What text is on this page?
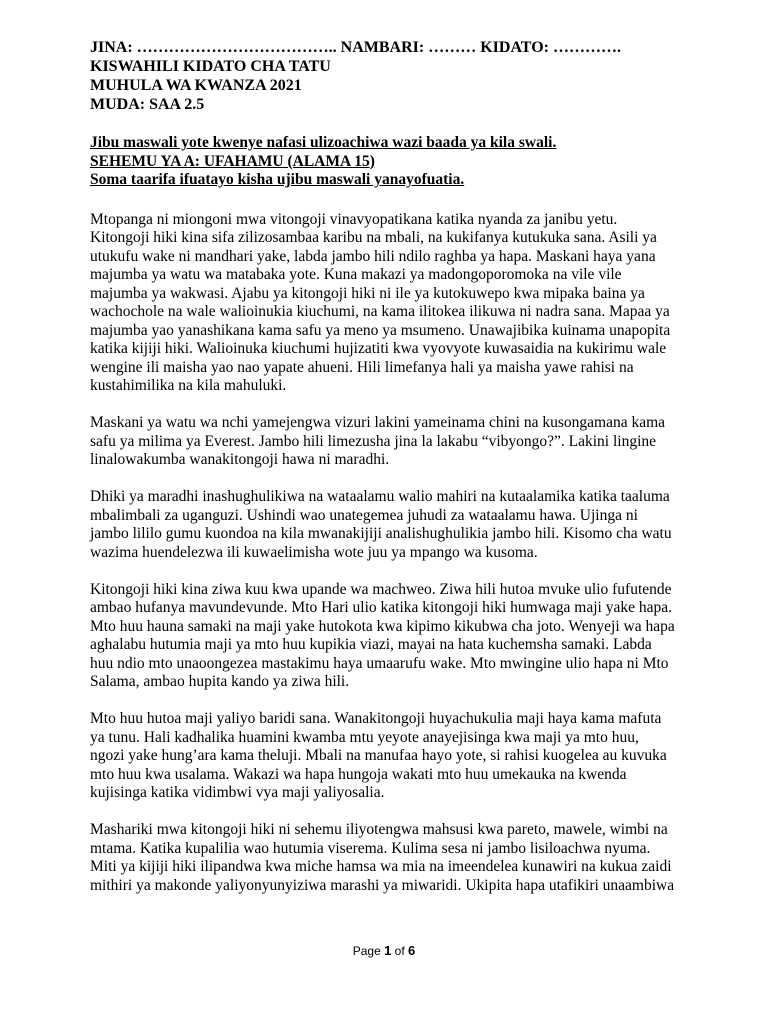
JINA: ……………………………….. NAMBARI: ……… KIDATO: ………….
KISWAHILI KIDATO CHA TATU
MUHULA WA KWANZA 2021
MUDA: SAA 2.5
Jibu maswali yote kwenye nafasi ulizoachiwa wazi baada ya kila swali.
SEHEMU YA A: UFAHAMU (ALAMA 15)
Soma taarifa ifuatayo kisha ujibu maswali yanayofuatia.

Mtopanga ni miongoni mwa vitongoji vinavyopatikana katika nyanda za janibu yetu.
Kitongoji hiki kina sifa zilizosambaa karibu na mbali, na kukifanya kutukuka sana. Asili ya
utukufu wake ni mandhari yake, labda jambo hili ndilo raghba ya hapa. Maskani haya yana
majumba ya watu wa matabaka yote. Kuna makazi ya madongoporomoka na vile vile
majumba ya wakwasi. Ajabu ya kitongoji hiki ni ile ya kutokuwepo kwa mipaka baina ya
wachochole na wale walioinukia kiuchumi, na kama ilitokea ilikuwa ni nadra sana. Mapaa ya
majumba yao yanashikana kama safu ya meno ya msumeno. Unawajibika kuinama unapopita
katika kijiji hiki. Walioinuka kiuchumi hujizatiti kwa vyovyote kuwasaidia na kukirimu wale
wengine ili maisha yao nao yapate ahueni. Hili limefanya hali ya maisha yawe rahisi na
kustahimilika na kila mahuluki.

Maskani ya watu wa nchi yamejengwa vizuri lakini yameinama chini na kusongamana kama
safu ya milima ya Everest. Jambo hili limezusha jina la lakabu “vibyongo?”. Lakini lingine
linalowakumba wanakitongoji hawa ni maradhi.

Dhiki ya maradhi inashughulikiwa na wataalamu walio mahiri na kutaalamika katika taaluma
mbalimbali za uganguzi. Ushindi wao unategemea juhudi za wataalamu hawa. Ujinga ni
jambo lililo gumu kuondoa na kila mwanakijiji analishughulikia jambo hili. Kisomo cha watu
wazima huendelezwa ili kuwaelimisha wote juu ya mpango wa kusoma.

Kitongoji hiki kina ziwa kuu kwa upande wa machweo. Ziwa hili hutoa mvuke ulio fufutende
ambao hufanya mavundevunde. Mto Hari ulio katika kitongoji hiki humwaga maji yake hapa.
Mto huu hauna samaki na maji yake hutokota kwa kipimo kikubwa cha joto. Wenyeji wa hapa
aghalabu hutumia maji ya mto huu kupikia viazi, mayai na hata kuchemsha samaki. Labda
huu ndio mto unaoongezea mastakimu haya umaarufu wake. Mto mwingine ulio hapa ni Mto
Salama, ambao hupita kando ya ziwa hili.

Mto huu hutoa maji yaliyo baridi sana. Wanakitongoji huyachukulia maji haya kama mafuta
ya tunu. Hali kadhalika huamini kwamba mtu yeyote anayejisinga kwa maji ya mto huu,
ngozi yake hung’ara kama theluji. Mbali na manufaa hayo yote, si rahisi kuogelea au kuvuka
mto huu kwa usalama. Wakazi wa hapa hungoja wakati mto huu umekauka na kwenda
kujisinga katika vidimbwi vya maji yaliyosalia.

Mashariki mwa kitongoji hiki ni sehemu iliyotengwa mahsusi kwa pareto, mawele, wimbi na
mtama. Katika kupalilia wao hutumia viserema. Kulima sesa ni jambo lisiloachwa nyuma.
Miti ya kijiji hiki ilipandwa kwa miche hamsa wa mia na imeendelea kunawiri na kukua zaidi
mithiri ya makonde yaliyonyunyiziwa marashi ya miwaridi. Ukipita hapa utafikiri unaambiwa

Page 1 of 6
